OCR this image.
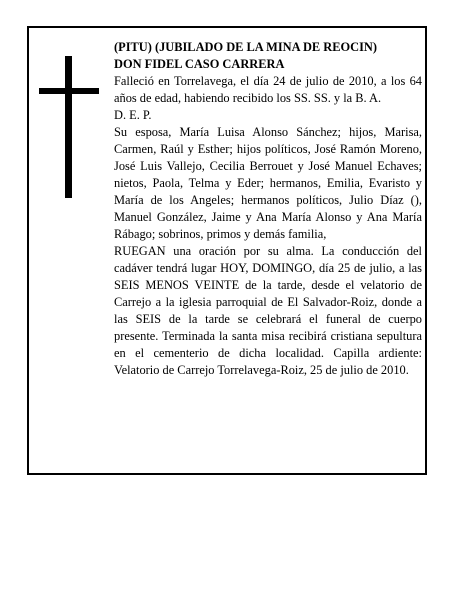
(PITU) (JUBILADO DE LA MINA DE REOCIN)

DON FIDEL CASO CARRERA

Falleció en Torrelavega, el día 24 de julio de 2010, a los 64 años de edad, habiendo recibido los SS. SS. y la B. A.

D. E. P.

Su esposa, María Luisa Alonso Sánchez; hijos, Marisa, Carmen, Raúl y Esther; hijos políticos, José Ramón Moreno, José Luis Vallejo, Cecilia Berrouet y José Manuel Echaves; nietos, Paola, Telma y Eder; hermanos, Emilia, Evaristo y María de los Angeles; hermanos políticos, Julio Díaz (), Manuel González, Jaime y Ana María Alonso y Ana María Rábago; sobrinos, primos y demás familia,

RUEGAN una oración por su alma. La conducción del cadáver tendrá lugar HOY, DOMINGO, día 25 de julio, a las SEIS MENOS VEINTE de la tarde, desde el velatorio de Carrejo a la iglesia parroquial de El Salvador-Roiz, donde a las SEIS de la tarde se celebrará el funeral de cuerpo presente. Terminada la santa misa recibirá cristiana sepultura en el cementerio de dicha localidad. Capilla ardiente: Velatorio de Carrejo Torrelavega-Roiz, 25 de julio de 2010.
